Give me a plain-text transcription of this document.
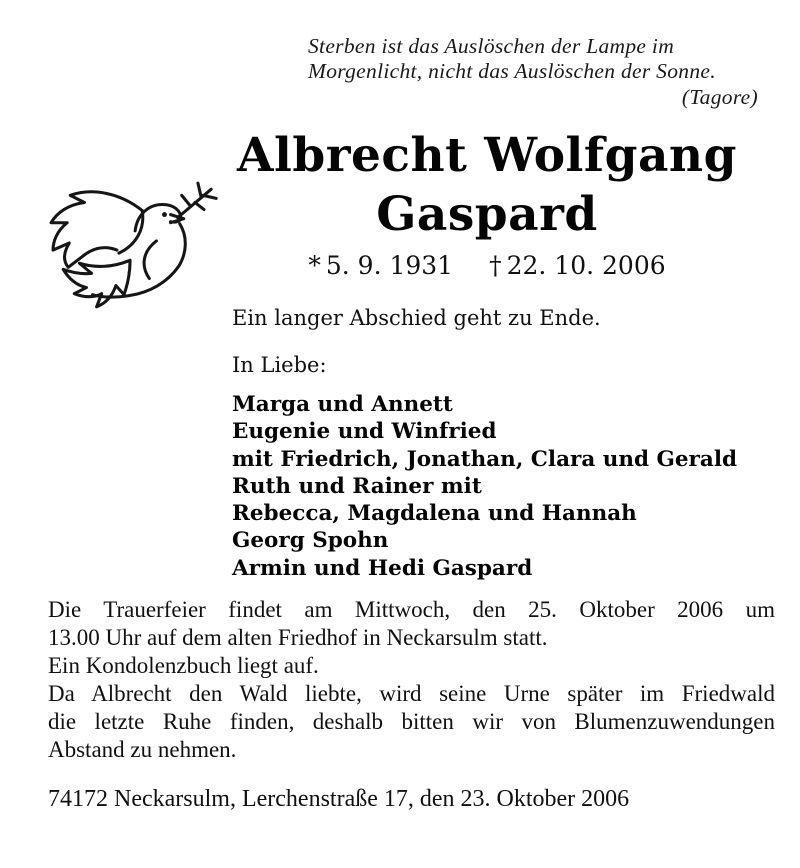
Sterben ist das Auslöschen der Lampe im
Morgenlicht, nicht das Auslöschen der Sonne.
(Tagore)
Albrecht Wolfgang
Gaspard
* 5. 9. 1931 † 22. 10. 2006
Ein langer Abschied geht zu Ende.
In Liebe:
Marga und Annett
Eugenie und Winfried
mit Friedrich, Jonathan, Clara und Gerald
Ruth und Rainer mit
Rebecca, Magdalena und Hannah
Georg Spohn
Armin und Hedi Gaspard
Die Trauerfeier findet am Mittwoch, den 25. Oktober 2006 um
13.00 Uhr auf dem alten Friedhof in Neckarsulm statt.
Ein Kondolenzbuch liegt auf.
Da Albrecht den Wald liebte, wird seine Urne später im Friedwald
die letzte Ruhe finden, deshalb bitten wir von Blumenzuwendungen
Abstand zu nehmen.
74172 Neckarsulm, Lerchenstraße 17, den 23. Oktober 2006
